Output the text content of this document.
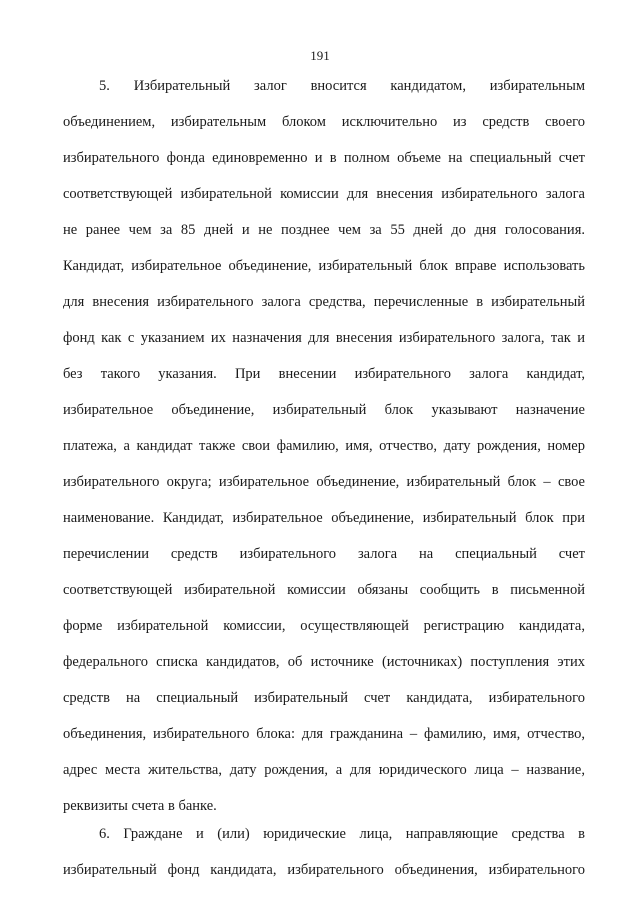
191
5. Избирательный залог вносится кандидатом, избирательным
объединением, избирательным блоком исключительно из средств своего
избирательного фонда единовременно и в полном объеме на специальный счет
соответствующей избирательной комиссии для внесения избирательного залога
не ранее чем за 85 дней и не позднее чем за 55 дней до дня голосования.
Кандидат, избирательное объединение, избирательный блок вправе использовать
для внесения избирательного залога средства, перечисленные в избирательный
фонд как с указанием их назначения для внесения избирательного залога, так и
без такого указания. При внесении избирательного залога кандидат,
избирательное объединение, избирательный блок указывают назначение
платежа, а кандидат также свои фамилию, имя, отчество, дату рождения, номер
избирательного округа; избирательное объединение, избирательный блок – свое
наименование. Кандидат, избирательное объединение, избирательный блок при
перечислении средств избирательного залога на специальный счет
соответствующей избирательной комиссии обязаны сообщить в письменной
форме избирательной комиссии, осуществляющей регистрацию кандидата,
федерального списка кандидатов, об источнике (источниках) поступления этих
средств на специальный избирательный счет кандидата, избирательного
объединения, избирательного блока: для гражданина – фамилию, имя, отчество,
адрес места жительства, дату рождения, а для юридического лица – название,
реквизиты счета в банке.
6. Граждане и (или) юридические лица, направляющие средства в
избирательный фонд кандидата, избирательного объединения, избирательного
